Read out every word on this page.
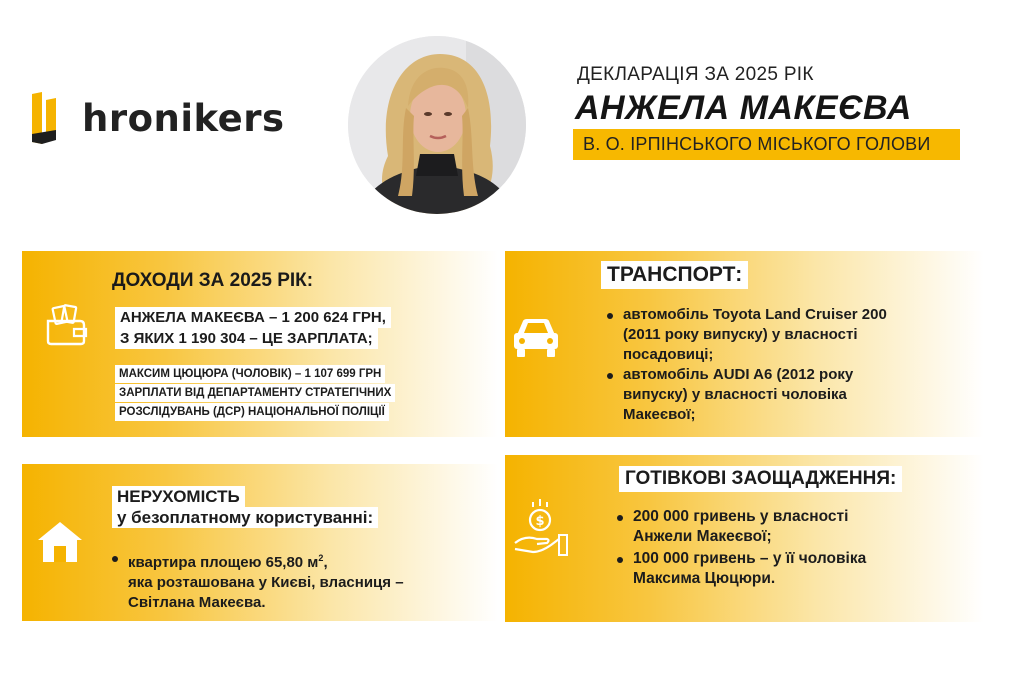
hronikers
ДЕКЛАРАЦІЯ ЗА 2025 РІК
АНЖЕЛА МАКЕЄВА
В. О. ІРПІНСЬКОГО МІСЬКОГО ГОЛОВИ
ДОХОДИ ЗА 2025 РІК:
АНЖЕЛА МАКЕЄВА – 1 200 624 ГРН,
З ЯКИХ 1 190 304 – ЦЕ ЗАРПЛАТА;
МАКСИМ ЦЮЦЮРА (ЧОЛОВІК) – 1 107 699 ГРН
ЗАРПЛАТИ ВІД ДЕПАРТАМЕНТУ СТРАТЕГІЧНИХ
РОЗСЛІДУВАНЬ (ДСР) НАЦІОНАЛЬНОЇ ПОЛІЦІЇ
ТРАНСПОРТ:
автомобіль Toyota Land Cruiser 200
(2011 року випуску) у власності
посадовиці;
автомобіль AUDI A6 (2012 року
випуску) у власності чоловіка
Макеєвої;
НЕРУХОМІСТЬ
у безоплатному користуванні:
квартира площею 65,80 $м^2$,
яка розташована у Києві, власниця –
Світлана Макеєва.
$
ГОТІВКОВІ ЗАОЩАДЖЕННЯ:
200 000 гривень у власності
Анжели Макеєвої;
100 000 гривень – у її чоловіка
Максима Цюцюри.
